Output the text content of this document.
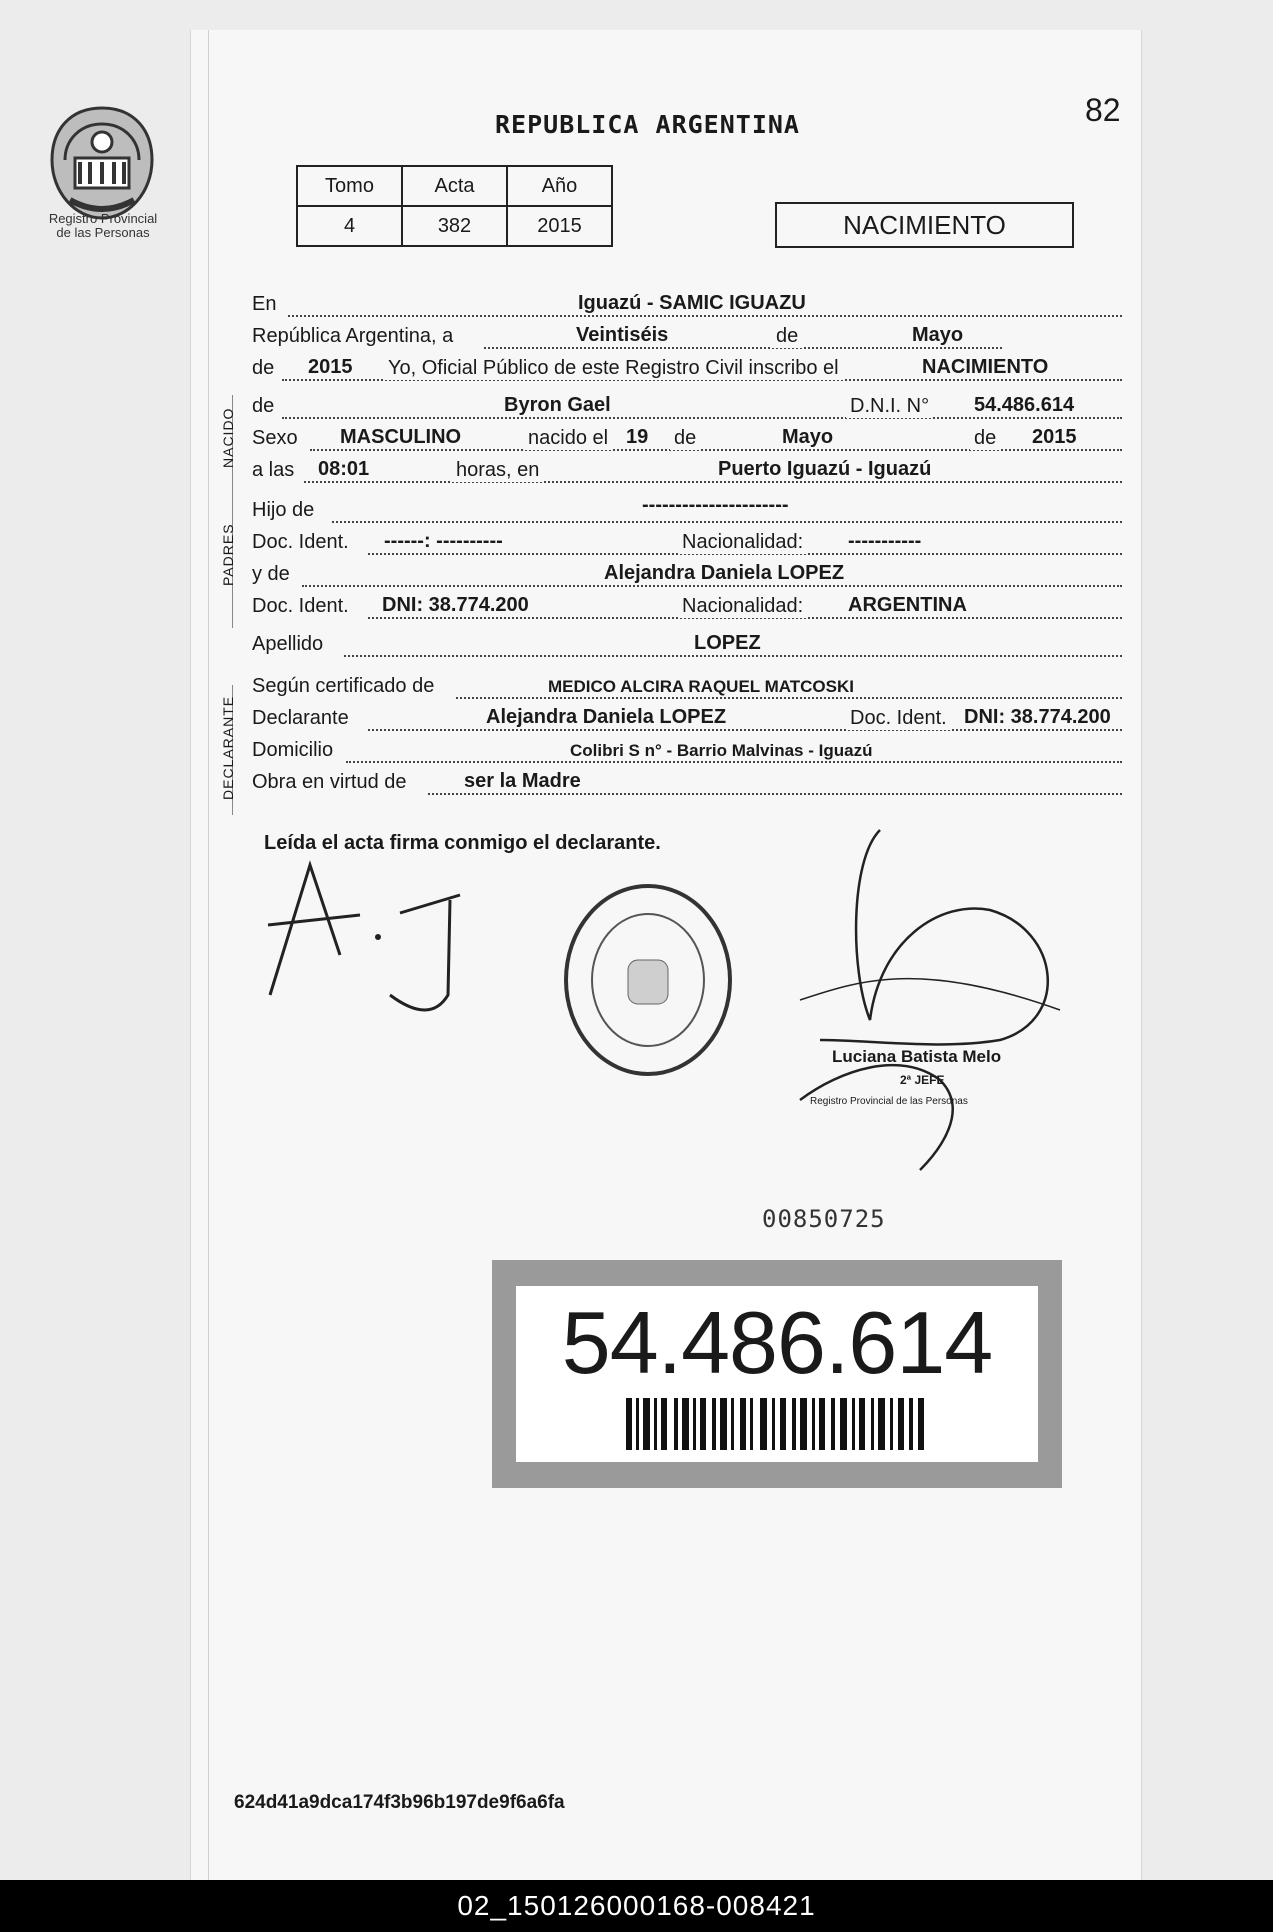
Registro Provincial
de las Personas
82
REPUBLICA ARGENTINA
Tomo	Acta	Año
4	382	2015	NACIMIENTO
NACIDO
PADRES
DECLARANTE
En	Iguazú - SAMIC IGUAZU
República Argentina, a	Veintiséis	de	Mayo
de 2015 Yo, Oficial Público de este Registro Civil inscribo el	NACIMIENTO
de	Byron Gael	D.N.I. N° 54.486.614
Sexo MASCULINO	nacido el 19 de	Mayo	de 2015
a las 08:01	horas, en	Puerto Iguazú - Iguazú
Hijo de	----------------------
Doc. Ident. ------: ----------	Nacionalidad: -----------
y de	Alejandra Daniela LOPEZ
Doc. Ident. DNI: 38.774.200	Nacionalidad: ARGENTINA
Apellido	LOPEZ
Según certificado de	MEDICO ALCIRA RAQUEL MATCOSKI
Declarante	Alejandra Daniela LOPEZ	Doc. Ident. DNI: 38.774.200
Domicilio	Colibri S n° - Barrio Malvinas - Iguazú
Obra en virtud de	ser la Madre
Leída el acta firma conmigo el declarante.
Luciana Batista Melo
2ª JEFE
Registro Provincial de las Personas
00850725
54.486.614
624d41a9dca174f3b96b197de9f6a6fa
02_150126000168-008421
